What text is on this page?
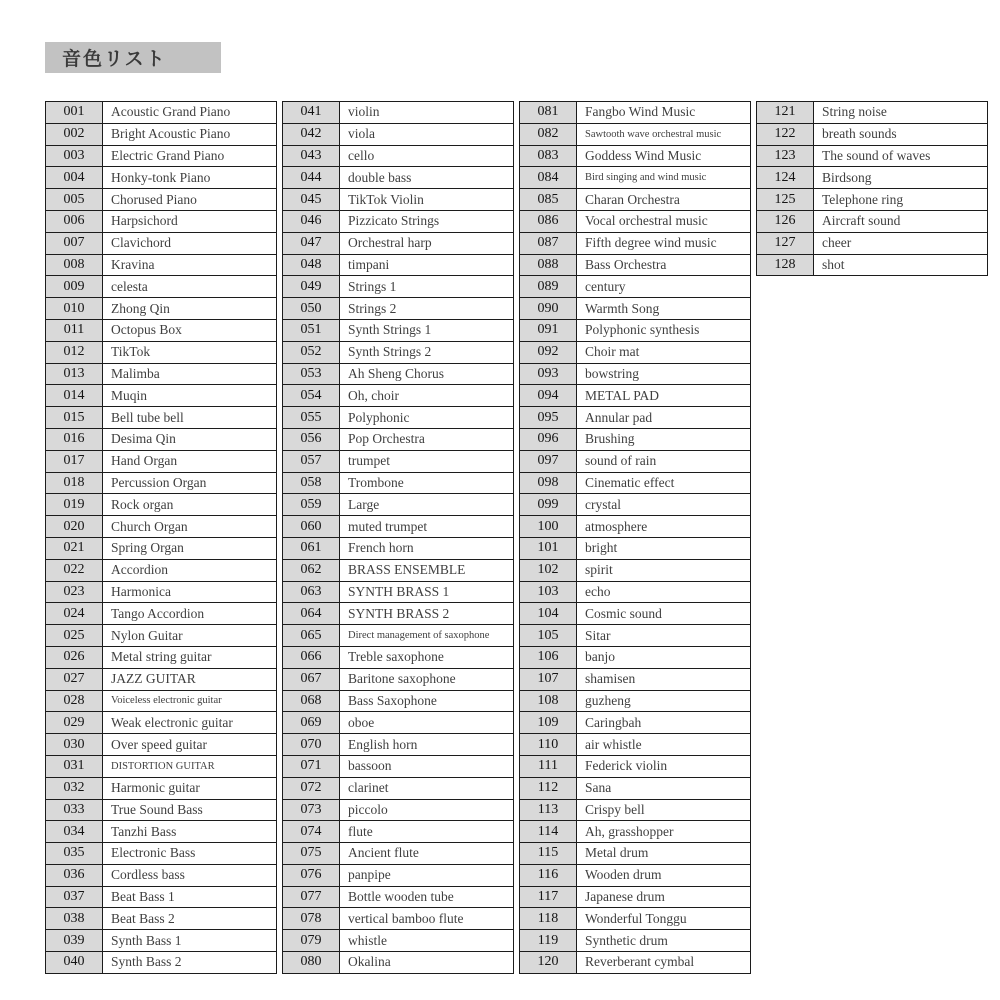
音色リスト
001	Acoustic Grand Piano
002	Bright Acoustic Piano
003	Electric Grand Piano
004	Honky-tonk Piano
005	Chorused Piano
006	Harpsichord
007	Clavichord
008	Kravina
009	celesta
010	Zhong Qin
011	Octopus Box
012	TikTok
013	Malimba
014	Muqin
015	Bell tube bell
016	Desima Qin
017	Hand Organ
018	Percussion Organ
019	Rock organ
020	Church Organ
021	Spring Organ
022	Accordion
023	Harmonica
024	Tango Accordion
025	Nylon Guitar
026	Metal string guitar
027	JAZZ GUITAR
028	Voiceless electronic guitar
029	Weak electronic guitar
030	Over speed guitar
031	DISTORTION GUITAR
032	Harmonic guitar
033	True Sound Bass
034	Tanzhi Bass
035	Electronic Bass
036	Cordless bass
037	Beat Bass 1
038	Beat Bass 2
039	Synth Bass 1
040	Synth Bass 2
041	violin
042	viola
043	cello
044	double bass
045	TikTok Violin
046	Pizzicato Strings
047	Orchestral harp
048	timpani
049	Strings 1
050	Strings 2
051	Synth Strings 1
052	Synth Strings 2
053	Ah Sheng Chorus
054	Oh, choir
055	Polyphonic
056	Pop Orchestra
057	trumpet
058	Trombone
059	Large
060	muted trumpet
061	French horn
062	BRASS ENSEMBLE
063	SYNTH BRASS 1
064	SYNTH BRASS 2
065	Direct management of saxophone
066	Treble saxophone
067	Baritone saxophone
068	Bass Saxophone
069	oboe
070	English horn
071	bassoon
072	clarinet
073	piccolo
074	flute
075	Ancient flute
076	panpipe
077	Bottle wooden tube
078	vertical bamboo flute
079	whistle
080	Okalina
081	Fangbo Wind Music
082	Sawtooth wave orchestral music
083	Goddess Wind Music
084	Bird singing and wind music
085	Charan Orchestra
086	Vocal orchestral music
087	Fifth degree wind music
088	Bass Orchestra
089	century
090	Warmth Song
091	Polyphonic synthesis
092	Choir mat
093	bowstring
094	METAL PAD
095	Annular pad
096	Brushing
097	sound of rain
098	Cinematic effect
099	crystal
100	atmosphere
101	bright
102	spirit
103	echo
104	Cosmic sound
105	Sitar
106	banjo
107	shamisen
108	guzheng
109	Caringbah
110	air whistle
111	Federick violin
112	Sana
113	Crispy bell
114	Ah, grasshopper
115	Metal drum
116	Wooden drum
117	Japanese drum
118	Wonderful Tonggu
119	Synthetic drum
120	Reverberant cymbal
121	String noise
122	breath sounds
123	The sound of waves
124	Birdsong
125	Telephone ring
126	Aircraft sound
127	cheer
128	shot
